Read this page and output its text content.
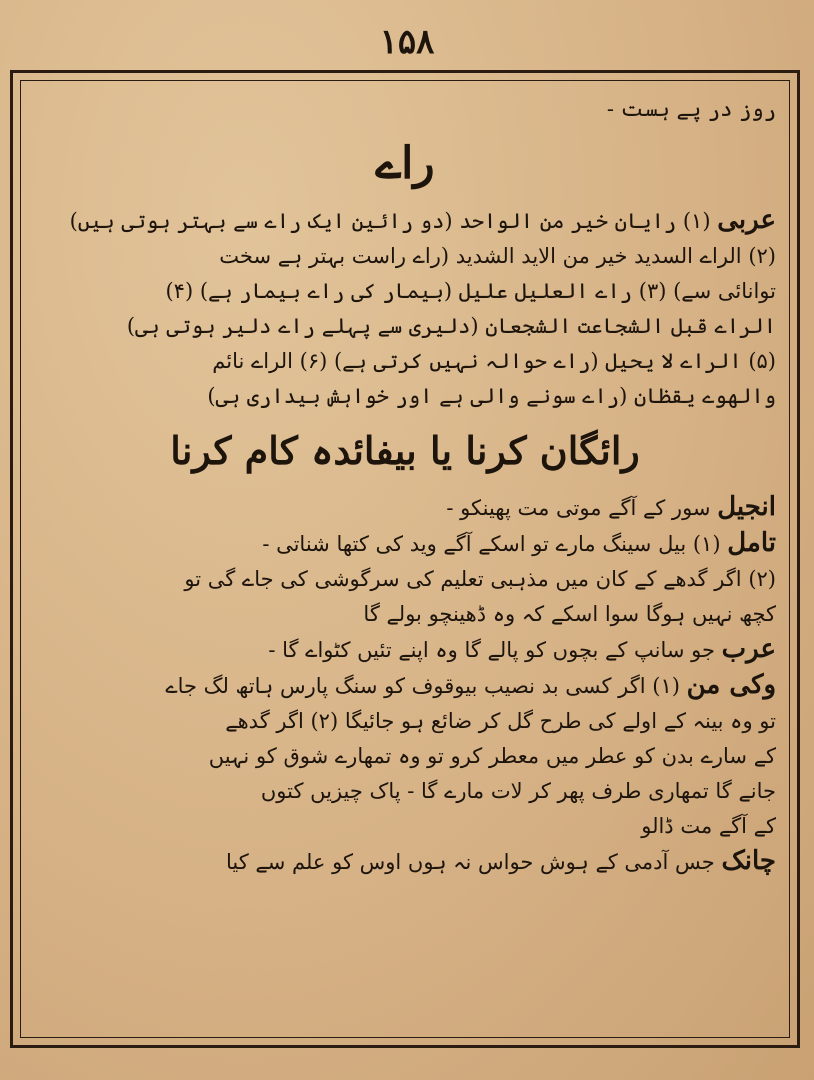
۱۵۸
روز در پے ہست -
راے
عربی (۱) رایان خیر من الواحد (دو رائین ایک راے سے بہتر ہوتی ہیں)
(۲) الراے السدید خیر من الاید الشدید (راے راست بہتر ہے سخت
توانائی سے) (۳) راے العلیل علیل (بیمار کی راے بیمار ہے) (۴)
الراے قبل الشجاعت الشجعان (دلیری سے پہلے راے دلیر ہوتی ہی)
(۵) الراے لا یحیل (راے حوالہ نہیں کرتی ہے) (۶) الراے نائم
والھوے یقظان (راے سونے والی ہے اور خواہش بیداری ہی)
رائگان کرنا یا بیفائدہ کام کرنا
انجیل سور کے آگے موتی مت پھینکو -
تامل (۱) بیل سینگ مارے تو اسکے آگے وید کی کتھا شناتی -
(۲) اگر گدھے کے کان میں مذہبی تعلیم کی سرگوشی کی جاے گی تو
کچھ نہیں ہوگا سوا اسکے کہ وہ ڈھینچو بولے گا
عرب جو سانپ کے بچوں کو پالے گا وہ اپنے تئیں کٹواے گا -
وکی من (۱) اگر کسی بد نصیب بیوقوف کو سنگ پارس ہاتھ لگ جاے
تو وہ بینہ کے اولے کی طرح گل کر ضائع ہو جائیگا (۲) اگر گدھے
کے سارے بدن کو عطر میں معطر کرو تو وہ تمھارے شوق کو نہیں
جانے گا تمھاری طرف پھر کر لات مارے گا - پاک چیزیں کتوں
کے آگے مت ڈالو
چانک جس آدمی کے ہوش حواس نہ ہوں اوس کو علم سے کیا
